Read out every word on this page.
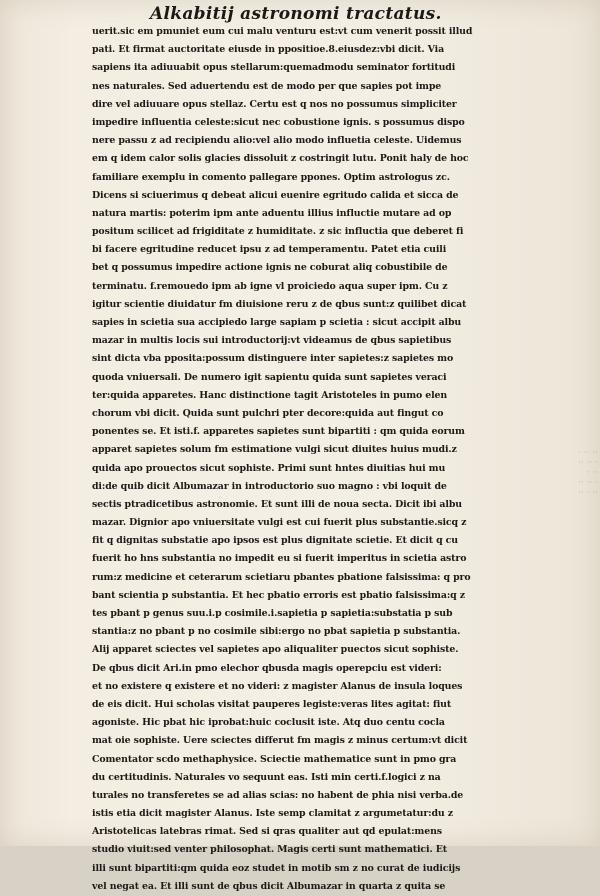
Alkabitij astronomi tractatus.
uerit.sic em pmuniet eum cui malu venturu est:vt cum venerit possit illud
pati. Et firmat auctoritate eiusde in ppositioe.8.eiusdez:vbi dicit. Via
sapiens ita adiuuabit opus stellarum:quemadmodu seminator fortitudi
nes naturales. Sed aduertendu est de modo per que sapies pot impe
dire vel adiuuare opus stellaz. Certu est q nos no possumus simpliciter
impedire influentia celeste:sicut nec cobustione ignis. s possumus dispo
nere passu z ad recipiendu alio:vel alio modo influetia celeste. Uidemus
em q idem calor solis glacies dissoluit z costringit lutu. Ponit haly de hoc
familiare exemplu in comento pallegare ppones. Optim astrologus zc.
Dicens si sciuerimus q debeat alicui euenire egritudo calida et sicca de
natura martis: poterim ipm ante aduentu illius influctie mutare ad op
positum scilicet ad frigiditate z humiditate. z sic influctia que deberet fi
bi facere egritudine reducet ipsu z ad temperamentu. Patet etia cuili
bet q possumus impedire actione ignis ne coburat aliq cobustibile de
terminatu. f.remouedo ipm ab igne vl proiciedo aqua super ipm. Cu z
igitur scientie diuidatur fm diuisione reru z de qbus sunt:z quilibet dicat
sapies in scietia sua accipiedo large sapiam p scietia : sicut accipit albu
mazar in multis locis sui introductorij:vt videamus de qbus sapietibus
sint dicta vba pposita:possum distinguere inter sapietes:z sapietes mo
quoda vniuersali. De numero igit sapientu quida sunt sapietes veraci
ter:quida apparetes. Hanc distinctione tagit Aristoteles in pumo elen
chorum vbi dicit. Quida sunt pulchri pter decore:quida aut fingut co
ponentes se. Et isti.f. apparetes sapietes sunt bipartiti : qm quida eorum
apparet sapietes solum fm estimatione vulgi sicut diuites huius mudi.z
quida apo prouectos sicut sophiste. Primi sunt hntes diuitias hui mu
di:de quib dicit Albumazar in introductorio suo magno : vbi loquit de
sectis ptradicetibus astronomie. Et sunt illi de noua secta. Dicit ibi albu
mazar. Dignior apo vniuersitate vulgi est cui fuerit plus substantie.sicq z
fit q dignitas substatie apo ipsos est plus dignitate scietie. Et dicit q cu
fuerit ho hns substantia no impedit eu si fuerit imperitus in scietia astro
rum:z medicine et ceterarum scietiaru pbantes pbatione falsissima: q pro
bant scientia p substantia. Et hec pbatio erroris est pbatio falsissima:q z
tes pbant p genus suu.i.p cosimile.i.sapietia p sapietia:substatia p sub
stantia:z no pbant p no cosimile sibi:ergo no pbat sapietia p substantia.
Alij apparet sciectes vel sapietes apo aliqualiter puectos sicut sophiste.
De qbus dicit Ari.in pmo elechor qbusda magis operepciu est videri:
et no existere q existere et no videri: z magister Alanus de insula loques
de eis dicit. Hui scholas visitat pauperes legiste:veras lites agitat: fiut
agoniste. Hic pbat hic iprobat:huic coclusit iste. Atq duo centu cocla
mat oie sophiste. Uere sciectes differut fm magis z minus certum:vt dicit
Comentator scdo methaphysice. Sciectie mathematice sunt in pmo gra
du certitudinis. Naturales vo sequunt eas. Isti min certi.f.logici z na
turales no transferetes se ad alias scias: no habent de phia nisi verba.de
istis etia dicit magister Alanus. Iste semp clamitat z argumetatur:du z
Aristotelicas latebras rimat. Sed si qras qualiter aut qd epulat:mens
studio viuit:sed venter philosophat. Magis certi sunt mathematici. Et
illi sunt bipartiti:qm quida eoz studet in motib sm z no curat de iudicijs
vel negat ea. Et illi sunt de qbus dicit Albumazar in quarta z quita se
·· ·· ·
· ·· ··
·· ·
· ·· ··
·· · ··
